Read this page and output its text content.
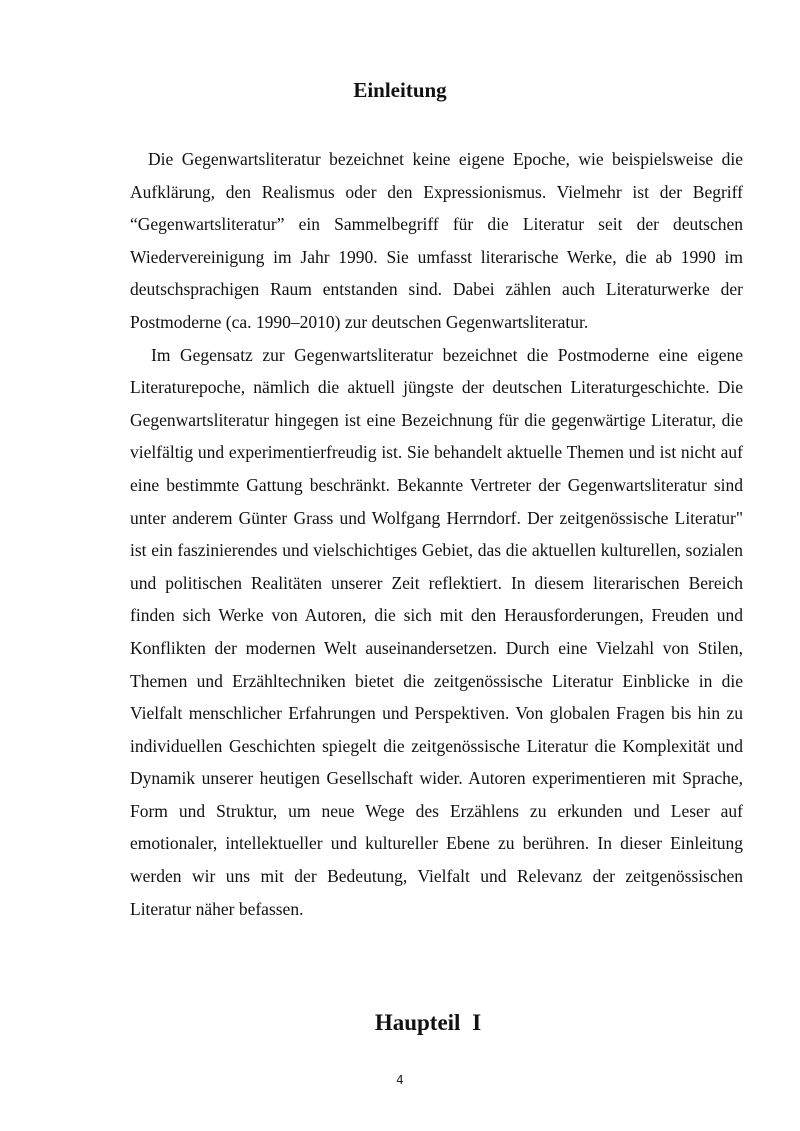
Einleitung

Die Gegenwartsliteratur bezeichnet keine eigene Epoche, wie beispielsweise die Aufklärung, den Realismus oder den Expressionismus. Vielmehr ist der Begriff “Gegenwartsliteratur” ein Sammelbegriff für die Literatur seit der deutschen Wiedervereinigung im Jahr 1990. Sie umfasst literarische Werke, die ab 1990 im deutschsprachigen Raum entstanden sind. Dabei zählen auch Literaturwerke der Postmoderne (ca. 1990–2010) zur deutschen Gegenwartsliteratur.

Im Gegensatz zur Gegenwartsliteratur bezeichnet die Postmoderne eine eigene Literaturepoche, nämlich die aktuell jüngste der deutschen Literaturgeschichte. Die Gegenwartsliteratur hingegen ist eine Bezeichnung für die gegenwärtige Literatur, die vielfältig und experimentierfreudig ist. Sie behandelt aktuelle Themen und ist nicht auf eine bestimmte Gattung beschränkt. Bekannte Vertreter der Gegenwartsliteratur sind unter anderem Günter Grass und Wolfgang Herrndorf. Der zeitgenössische Literatur" ist ein faszinierendes und vielschichtiges Gebiet, das die aktuellen kulturellen, sozialen und politischen Realitäten unserer Zeit reflektiert. In diesem literarischen Bereich finden sich Werke von Autoren, die sich mit den Herausforderungen, Freuden und Konflikten der modernen Welt auseinandersetzen. Durch eine Vielzahl von Stilen, Themen und Erzähltechniken bietet die zeitgenössische Literatur Einblicke in die Vielfalt menschlicher Erfahrungen und Perspektiven. Von globalen Fragen bis hin zu individuellen Geschichten spiegelt die zeitgenössische Literatur die Komplexität und Dynamik unserer heutigen Gesellschaft wider. Autoren experimentieren mit Sprache, Form und Struktur, um neue Wege des Erzählens zu erkunden und Leser auf emotionaler, intellektueller und kultureller Ebene zu berühren. In dieser Einleitung werden wir uns mit der Bedeutung, Vielfalt und Relevanz der zeitgenössischen Literatur näher befassen.

Haupteil I
4
